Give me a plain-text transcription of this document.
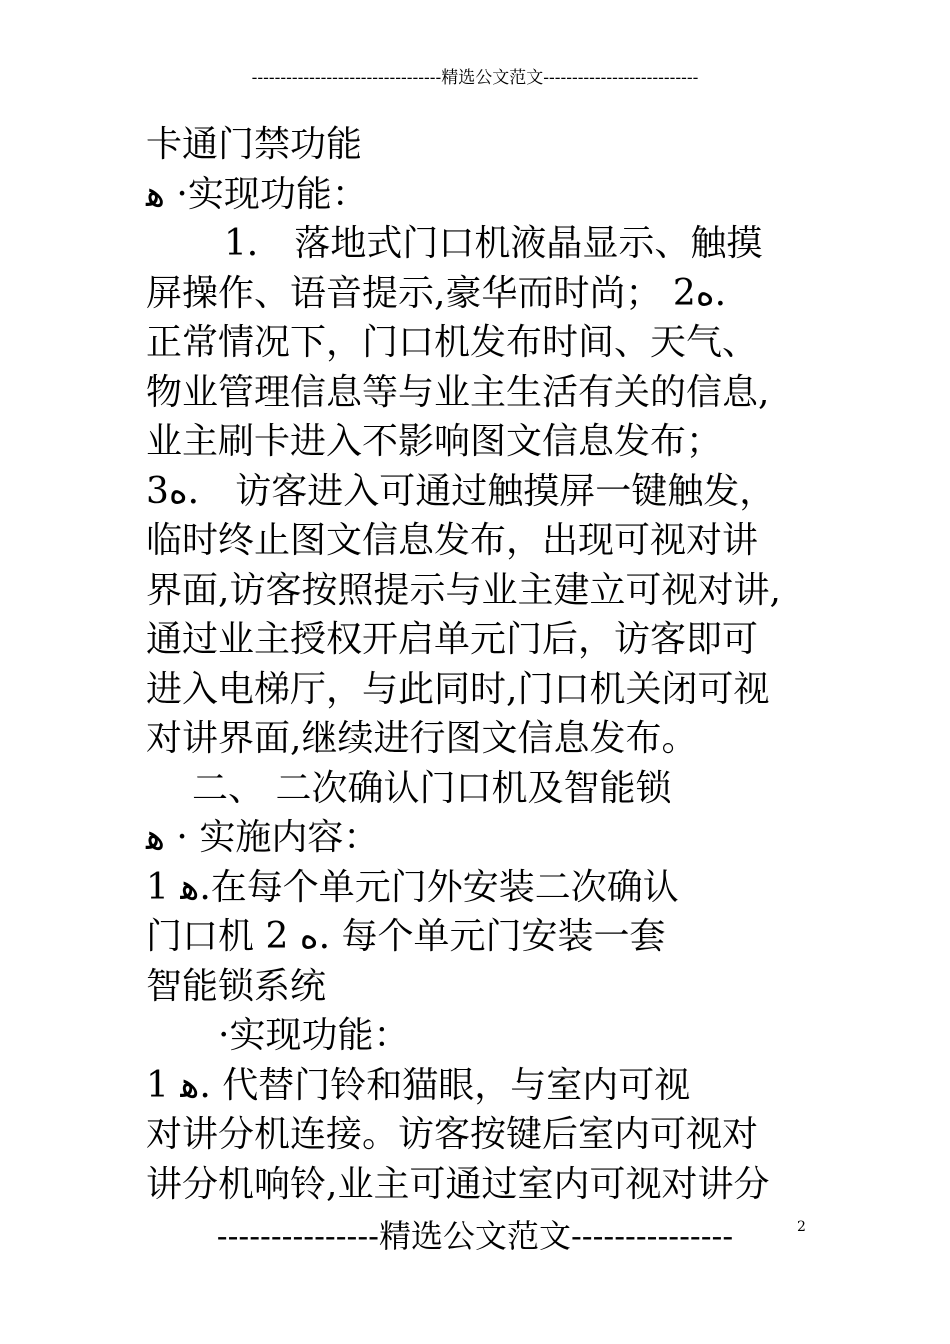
---------------------------------精选公文范文---------------------------
卡通门禁功能
ﻫ ·实现功能：
1． 落地式门口机液晶显示、触摸
屏操作、语音提示,豪华而时尚； 2ﻩ.
正常情况下，门口机发布时间、天气、
物业管理信息等与业主生活有关的信息,
业主刷卡进入不影响图文信息发布；
3ﻩ． 访客进入可通过触摸屏一键触发，
临时终止图文信息发布，出现可视对讲
界面,访客按照提示与业主建立可视对讲,
通过业主授权开启单元门后，访客即可
进入电梯厅，与此同时,门口机关闭可视
对讲界面,继续进行图文信息发布。
二、 二次确认门口机及智能锁
ﻫ · 实施内容：
1 ﻫ.在每个单元门外安装二次确认
门口机 2 ﻩ. 每个单元门安装一套
智能锁系统
·实现功能：
1 ﻫ. 代替门铃和猫眼，与室内可视
对讲分机连接。访客按键后室内可视对
讲分机响铃,业主可通过室内可视对讲分
---------------精选公文范文---------------	2
